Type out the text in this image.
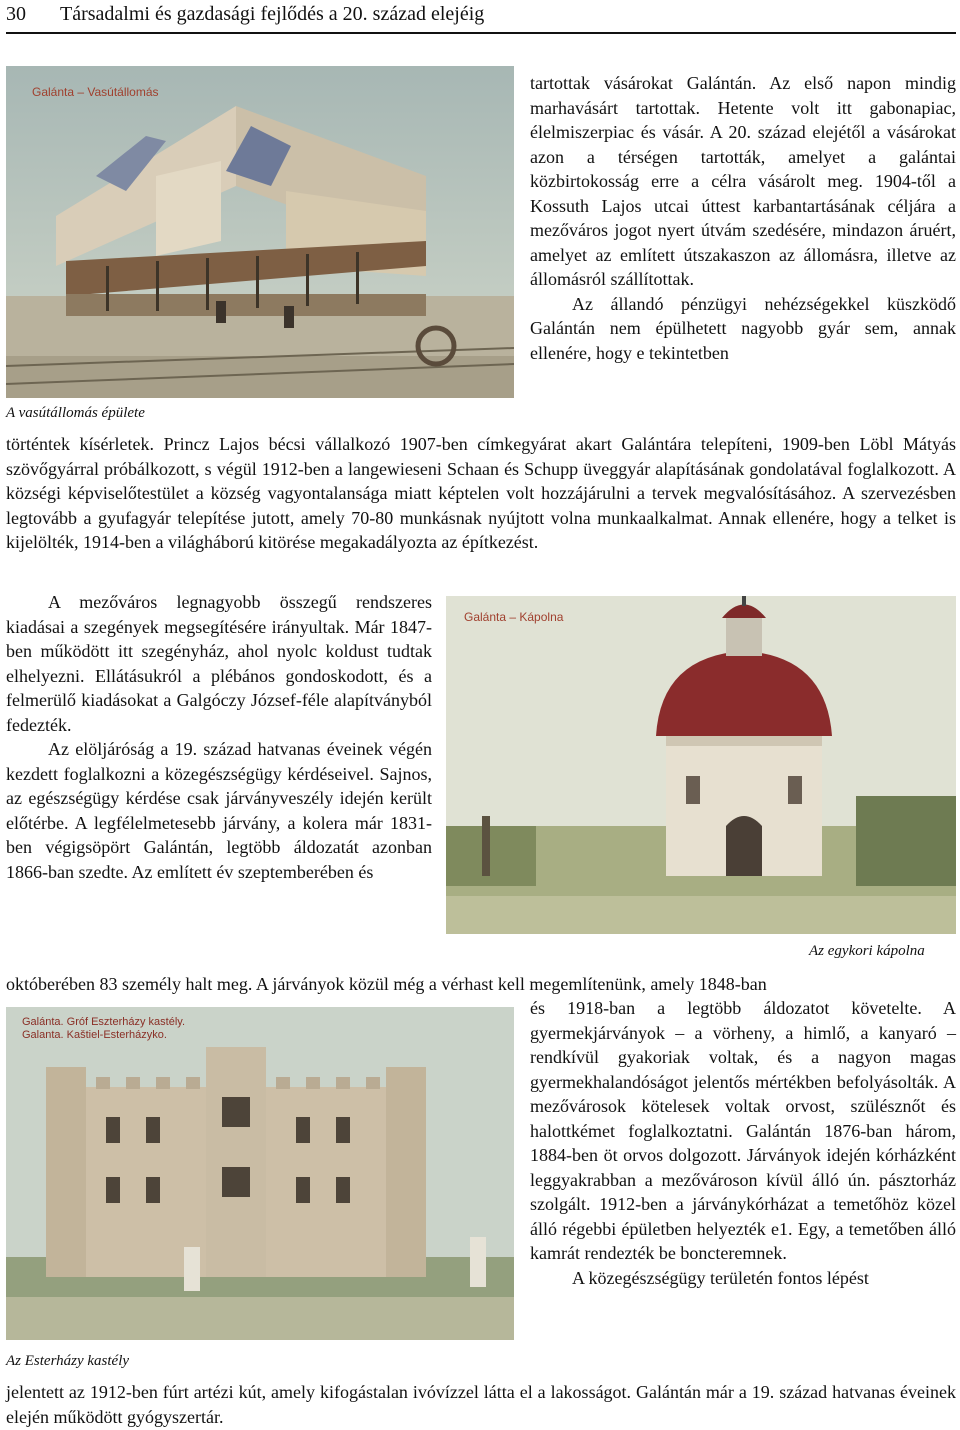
30 Társadalmi és gazdasági fejlődés a 20. század elejéig
Galánta – Vasútállomás
A vasútállomás épülete

tartottak vásárokat Galántán. Az első napon mindig marhavásárt tartottak. Hetente volt itt gabonapiac, élelmiszerpiac és vásár. A 20. század elejétől a vásárokat azon a térségen tartották, amelyet a galántai közbirtokosság erre a célra vásárolt meg. 1904-től a Kossuth Lajos utcai úttest karbantartásának céljára a mezőváros jogot nyert útvám szedésére, mindazon áruért, amelyet az említett útszakaszon az állomásra, illetve az állomásról szállítottak.

Az állandó pénzügyi nehézségekkel küszködő Galántán nem épülhetett nagyobb gyár sem, annak ellenére, hogy e tekintetben

történtek kísérletek. Princz Lajos bécsi vállalkozó 1907-ben címkegyárat akart Galántára telepíteni, 1909-ben Löbl Mátyás szövőgyárral próbálkozott, s végül 1912-ben a langewieseni Schaan és Schupp üveggyár alapításának gondolatával foglalkozott. A községi képviselőtestület a község vagyontalansága miatt képtelen volt hozzájárulni a tervek megvalósításához. A szervezésben legtovább a gyufagyár telepítése jutott, amely 70-80 munkásnak nyújtott volna munkaalkalmat. Annak ellenére, hogy a telket is kijelölték, 1914-ben a világháború kitörése megakadályozta az építkezést.

A mezőváros legnagyobb összegű rendszeres kiadásai a szegények megsegítésére irányultak. Már 1847-ben működött itt szegényház, ahol nyolc koldust tudtak elhelyezni. Ellátásukról a plébános gondoskodott, és a felmerülő kiadásokat a Galgóczy József-féle alapítványból fedezték.

Az elöljáróság a 19. század hatvanas éveinek végén kezdett foglalkozni a közegészségügy kérdéseivel. Sajnos, az egészségügy kérdése csak járványveszély idején került előtérbe. A legfélelmetesebb járvány, a kolera már 1831-ben végigsöpört Galántán, legtöbb áldozatát azonban 1866-ban szedte. Az említett év szeptemberében és

Galánta – Kápolna
Az egykori kápolna

októberében 83 személy halt meg. A járványok közül még a vérhast kell megemlítenünk, amely 1848-ban

Galánta. Gróf Eszterházy kastély.
Galanta. Kaštiel-Esterházyko.
Az Esterházy kastély

és 1918-ban a legtöbb áldozatot követelte. A gyermekjárványok – a vörheny, a himlő, a kanyaró – rendkívül gyakoriak voltak, és a nagyon magas gyermekhalandóságot jelentős mértékben befolyásolták. A mezővárosok kötelesek voltak orvost, szülésznőt és halottkémet foglalkoztatni. Galántán 1876-ban három, 1884-ben öt orvos dolgozott. Járványok idején kórházként leggyakrabban a mezővároson kívül álló ún. pásztorház szolgált. 1912-ben a járványkórházat a temetőhöz közel álló régebbi épületben helyezték e1. Egy, a temetőben álló kamrát rendezték be boncteremnek.

A közegészségügy területén fontos lépést

jelentett az 1912-ben fúrt artézi kút, amely kifogástalan ivóvízzel látta el a lakosságot. Galántán már a 19. század hatvanas éveinek elején működött gyógyszertár.
